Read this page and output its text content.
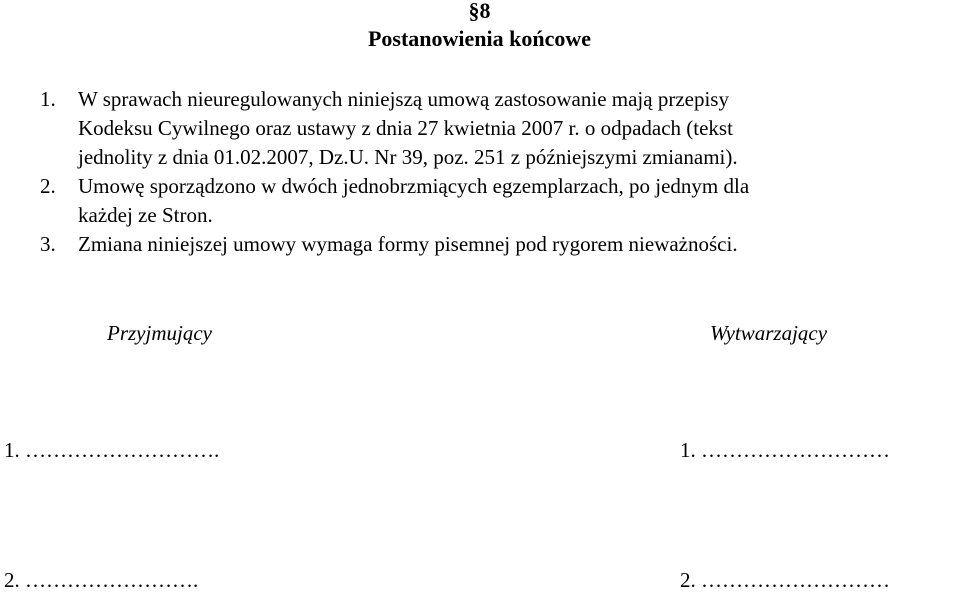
§8
Postanowienia końcowe
1. W sprawach nieuregulowanych niniejszą umową zastosowanie mają przepisy
Kodeksu Cywilnego oraz ustawy z dnia 27 kwietnia 2007 r. o odpadach (tekst
jednolity z dnia 01.02.2007, Dz.U. Nr 39, poz. 251 z późniejszymi zmianami).
2. Umowę sporządzono w dwóch jednobrzmiących egzemplarzach, po jednym dla
każdej ze Stron.
3. Zmiana niniejszej umowy wymaga formy pisemnej pod rygorem nieważności.
Przyjmujący	Wytwarzający
1. ……………………….	1. ………………………
2. …………………….	2. ………………………
